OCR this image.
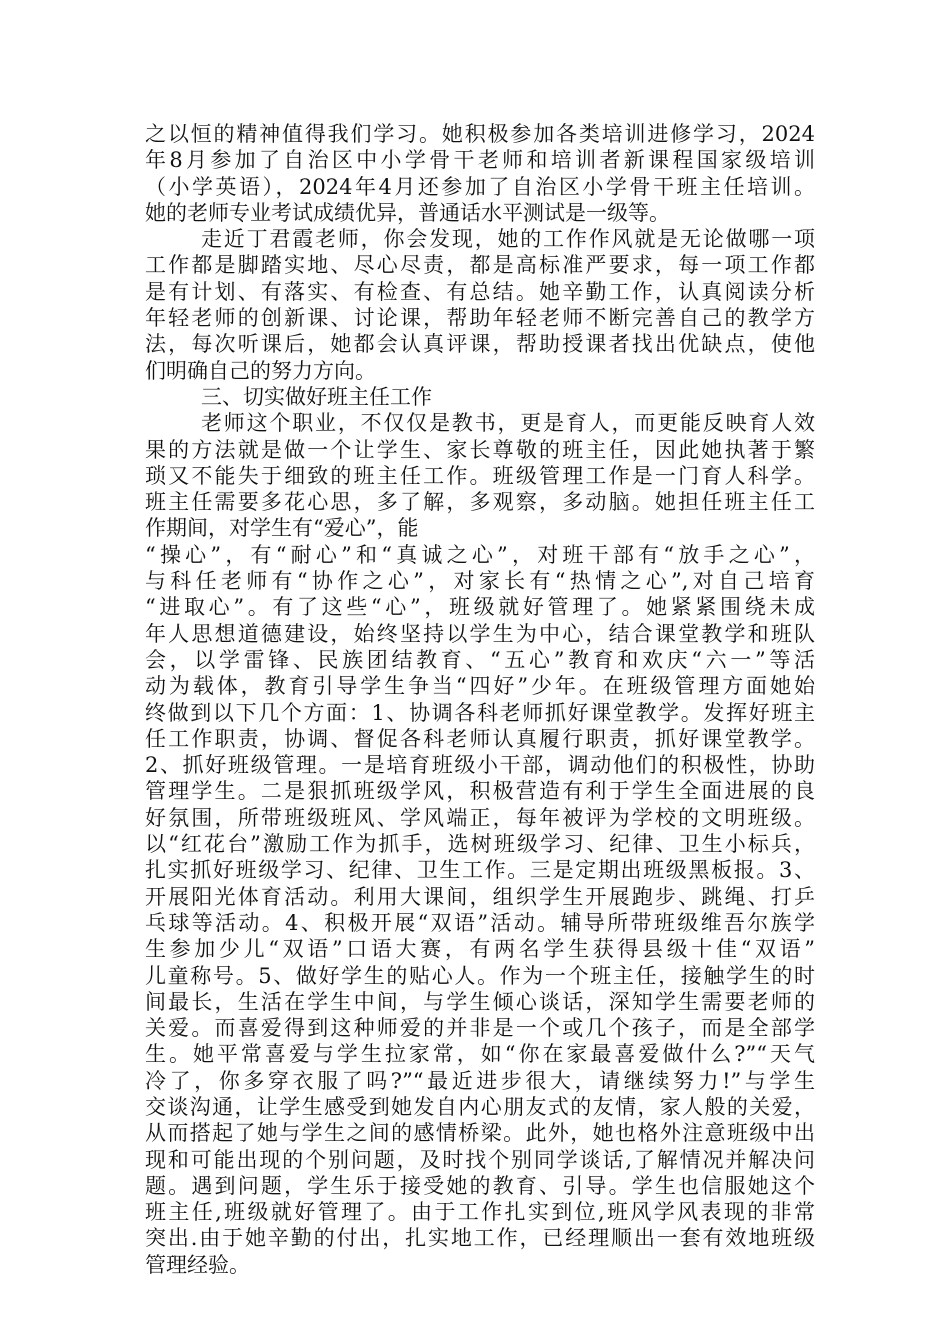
之以恒的精神值得我们学习。她积极参加各类培训进修学习，2024
年8月参加了自治区中小学骨干老师和培训者新课程国家级培训
（小学英语），2024年4月还参加了自治区小学骨干班主任培训。
她的老师专业考试成绩优异，普通话水平测试是一级等。
走近丁君霞老师，你会发现，她的工作作风就是无论做哪一项
工作都是脚踏实地、尽心尽责，都是高标准严要求，每一项工作都
是有计划、有落实、有检查、有总结。她辛勤工作，认真阅读分析
年轻老师的创新课、讨论课，帮助年轻老师不断完善自己的教学方
法，每次听课后，她都会认真评课，帮助授课者找出优缺点，使他
们明确自己的努力方向。
三、切实做好班主任工作
老师这个职业，不仅仅是教书，更是育人，而更能反映育人效
果的方法就是做一个让学生、家长尊敬的班主任，因此她执著于繁
琐又不能失于细致的班主任工作。班级管理工作是一门育人科学。
班主任需要多花心思，多了解，多观察，多动脑。她担任班主任工
作期间，对学生有“爱心”，能
“操心”，有“耐心”和“真诚之心”，对班干部有“放手之心”，
与科任老师有“协作之心”，对家长有“热情之心”,对自己培育
“进取心”。有了这些“心”，班级就好管理了。她紧紧围绕未成
年人思想道德建设，始终坚持以学生为中心，结合课堂教学和班队
会，以学雷锋、民族团结教育、“五心”教育和欢庆“六一”等活
动为载体，教育引导学生争当“四好”少年。在班级管理方面她始
终做到以下几个方面：1、协调各科老师抓好课堂教学。发挥好班主
任工作职责，协调、督促各科老师认真履行职责，抓好课堂教学。
2、抓好班级管理。一是培育班级小干部，调动他们的积极性，协助
管理学生。二是狠抓班级学风，积极营造有利于学生全面进展的良
好氛围，所带班级班风、学风端正，每年被评为学校的文明班级。
以“红花台”激励工作为抓手，选树班级学习、纪律、卫生小标兵，
扎实抓好班级学习、纪律、卫生工作。三是定期出班级黑板报。3、
开展阳光体育活动。利用大课间，组织学生开展跑步、跳绳、打乒
乓球等活动。4、积极开展“双语”活动。辅导所带班级维吾尔族学
生参加少儿“双语”口语大赛，有两名学生获得县级十佳“双语”
儿童称号。5、做好学生的贴心人。作为一个班主任，接触学生的时
间最长，生活在学生中间，与学生倾心谈话，深知学生需要老师的
关爱。而喜爱得到这种师爱的并非是一个或几个孩子，而是全部学
生。她平常喜爱与学生拉家常，如“你在家最喜爱做什么?”“天气
冷了，你多穿衣服了吗?”“最近进步很大，请继续努力!”与学生
交谈沟通，让学生感受到她发自内心朋友式的友情，家人般的关爱，
从而搭起了她与学生之间的感情桥梁。此外，她也格外注意班级中出
现和可能出现的个别问题，及时找个别同学谈话,了解情况并解决问
题。遇到问题，学生乐于接受她的教育、引导。学生也信服她这个
班主任,班级就好管理了。由于工作扎实到位,班风学风表现的非常
突出.由于她辛勤的付出，扎实地工作，已经理顺出一套有效地班级
管理经验。
